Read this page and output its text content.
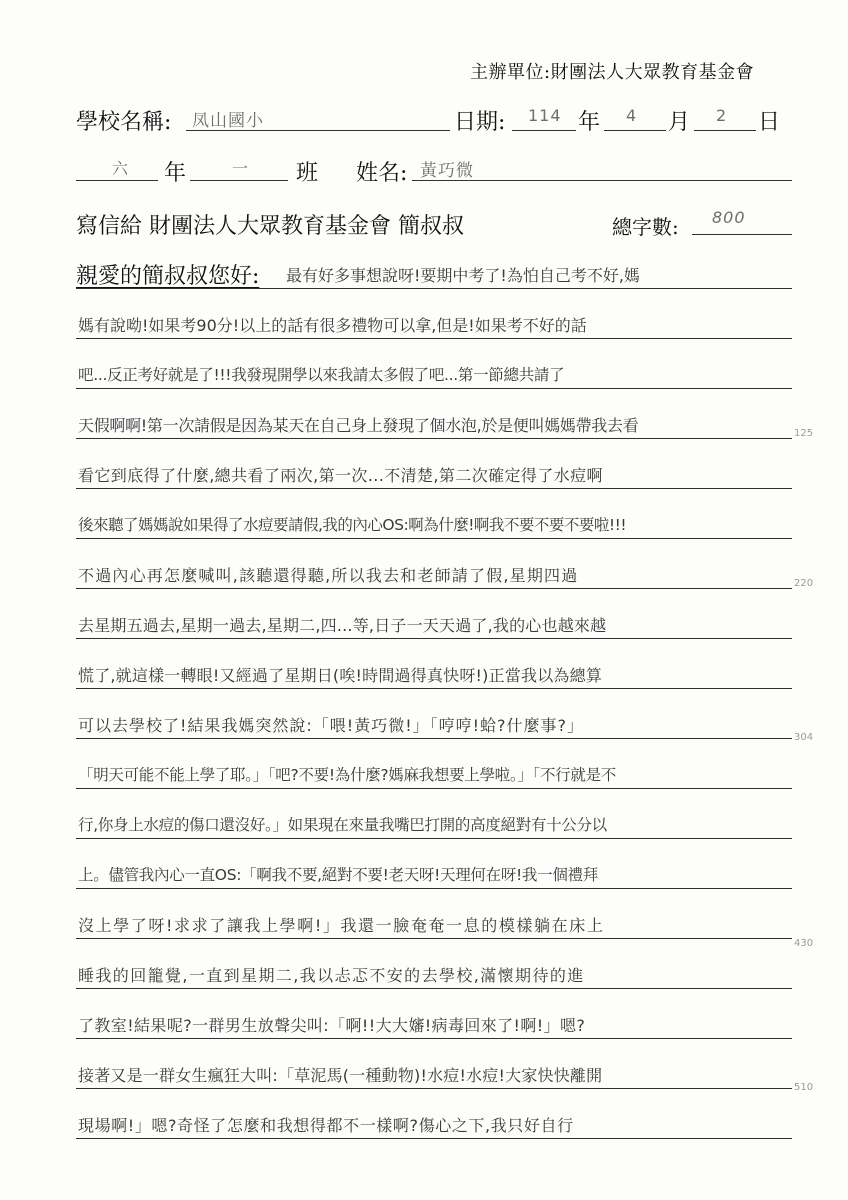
主辦單位:財團法人大眾教育基金會
學校名稱: 凤山國小	日期: 114 年 4 月 2 日
六 年	一 班 姓名: 黃巧微
寫信給 財團法人大眾教育基金會 簡叔叔	總字數: 800
親愛的簡叔叔您好: 最有好多事想說呀!要期中考了!為怕自己考不好,媽
媽有說呦!如果考90分!以上的話有很多禮物可以拿,但是!如果考不好的話
吧...反正考好就是了!!!我發現開學以來我請太多假了吧...第一節總共請了
天假啊啊!第一次請假是因為某天在自己身上發現了個水泡,於是便叫媽媽帶我去看
看它到底得了什麼,總共看了兩次,第一次...不清楚,第二次確定得了水痘啊
後來聽了媽媽說如果得了水痘要請假,我的內心OS:啊為什麼!啊我不要不要不要啦!!!
不過內心再怎麼喊叫,該聽還得聽,所以我去和老師請了假,星期四過
去星期五過去,星期一過去,星期二,四...等,日子一天天過了,我的心也越來越
慌了,就這樣一轉眼!又經過了星期日(唉!時間過得真快呀!)正當我以為總算
可以去學校了!結果我媽突然說:「喂!黃巧微!」「哼哼!蛤?什麼事?」
「明天可能不能上學了耶。」「吧?不要!為什麼?媽麻我想要上學啦。」「不行就是不
行,你身上水痘的傷口還沒好。」如果現在來量我嘴巴打開的高度絕對有十公分以
上。儘管我內心一直OS:「啊我不要,絕對不要!老天呀!天理何在呀!我一個禮拜
沒上學了呀!求求了讓我上學啊!」我還一臉奄奄一息的模樣躺在床上
睡我的回籠覺,一直到星期二,我以忐忑不安的去學校,滿懷期待的進
了教室!結果呢?一群男生放聲尖叫:「啊!!大大嬸!病毒回來了!啊!」嗯?
接著又是一群女生瘋狂大叫:「草泥馬(一種動物)!水痘!水痘!大家快快離開
現場啊!」嗯?奇怪了怎麼和我想得都不一樣啊?傷心之下,我只好自行
125
220
304
430
510
